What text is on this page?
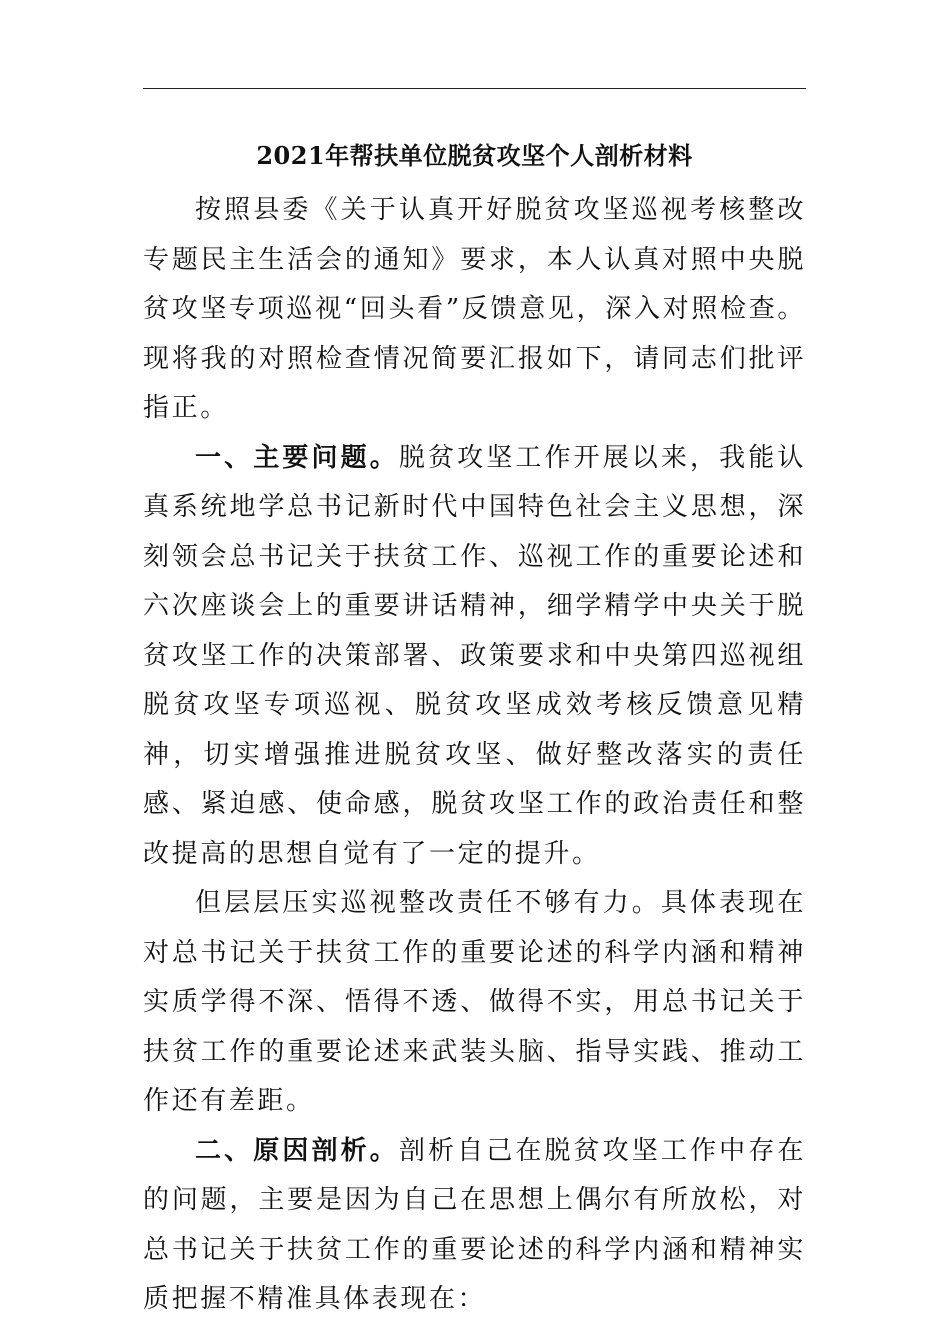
2021年帮扶单位脱贫攻坚个人剖析材料

按照县委《关于认真开好脱贫攻坚巡视考核整改专题民主生活会的通知》要求，本人认真对照中央脱贫攻坚专项巡视“回头看”反馈意见，深入对照检查。现将我的对照检查情况简要汇报如下，请同志们批评指正。

一、主要问题。脱贫攻坚工作开展以来，我能认真系统地学总书记新时代中国特色社会主义思想，深刻领会总书记关于扶贫工作、巡视工作的重要论述和六次座谈会上的重要讲话精神，细学精学中央关于脱贫攻坚工作的决策部署、政策要求和中央第四巡视组脱贫攻坚专项巡视、脱贫攻坚成效考核反馈意见精神，切实增强推进脱贫攻坚、做好整改落实的责任感、紧迫感、使命感，脱贫攻坚工作的政治责任和整改提高的思想自觉有了一定的提升。

但层层压实巡视整改责任不够有力。具体表现在对总书记关于扶贫工作的重要论述的科学内涵和精神实质学得不深、悟得不透、做得不实，用总书记关于扶贫工作的重要论述来武装头脑、指导实践、推动工作还有差距。

二、原因剖析。剖析自己在脱贫攻坚工作中存在的问题，主要是因为自己在思想上偶尔有所放松，对总书记关于扶贫工作的重要论述的科学内涵和精神实质把握不精准具体表现在：
